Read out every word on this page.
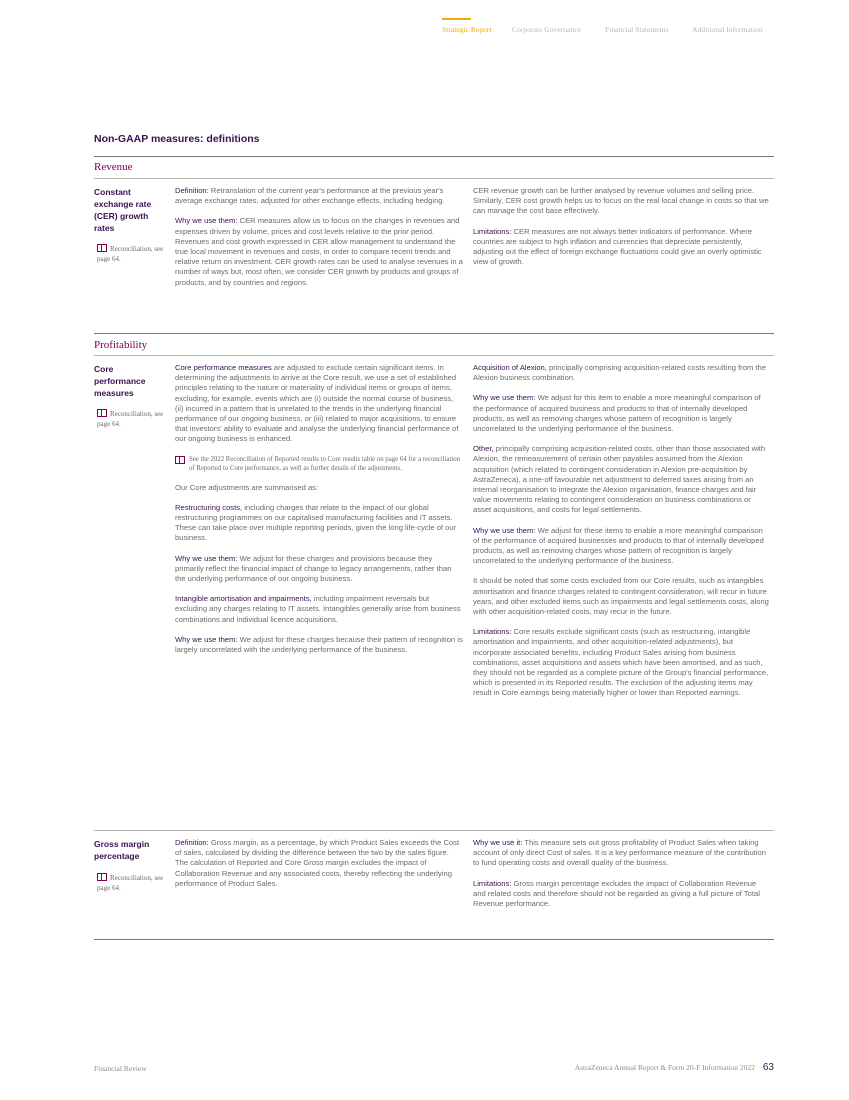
Strategic Report	Corporate Governance	Financial Statements	Additional Information
Non-GAAP measures: definitions
Revenue
Constant exchange rate (CER) growth rates
Reconciliation, see page 64.

Definition: Retranslation of the current year's performance at the previous year's average exchange rates, adjusted for other exchange effects, including hedging.

Why we use them: CER measures allow us to focus on the changes in revenues and expenses driven by volume, prices and cost levels relative to the prior period. Revenues and cost growth expressed in CER allow management to understand the true local movement in revenues and costs, in order to compare recent trends and relative return on investment. CER growth rates can be used to analyse revenues in a number of ways but, most often, we consider CER growth by products and groups of products, and by countries and regions.

CER revenue growth can be further analysed by revenue volumes and selling price. Similarly, CER cost growth helps us to focus on the real local change in costs so that we can manage the cost base effectively.

Limitations: CER measures are not always better indicators of performance. Where countries are subject to high inflation and currencies that depreciate persistently, adjusting out the effect of foreign exchange fluctuations could give an overly optimistic view of growth.

Profitability
Core performance measures
Reconciliation, see page 64.

Core performance measures are adjusted to exclude certain significant items. In determining the adjustments to arrive at the Core result, we use a set of established principles relating to the nature or materiality of individual items or groups of items, excluding, for example, events which are (i) outside the normal course of business, (ii) incurred in a pattern that is unrelated to the trends in the underlying financial performance of our ongoing business, or (iii) related to major acquisitions, to ensure that investors' ability to evaluate and analyse the underlying financial performance of our ongoing business is enhanced.

See the 2022 Reconciliation of Reported results to Core results table on page 64 for a reconciliation of Reported to Core performance, as well as further details of the adjustments.

Our Core adjustments are summarised as:

Restructuring costs, including charges that relate to the impact of our global restructuring programmes on our capitalised manufacturing facilities and IT assets. These can take place over multiple reporting periods, given the long life-cycle of our business.

Why we use them: We adjust for these charges and provisions because they primarily reflect the financial impact of change to legacy arrangements, rather than the underlying performance of our ongoing business.

Intangible amortisation and impairments, including impairment reversals but excluding any charges relating to IT assets. Intangibles generally arise from business combinations and individual licence acquisitions.

Why we use them: We adjust for these charges because their pattern of recognition is largely uncorrelated with the underlying performance of the business.

Acquisition of Alexion, principally comprising acquisition-related costs resulting from the Alexion business combination.

Why we use them: We adjust for this item to enable a more meaningful comparison of the performance of acquired business and products to that of internally developed products, as well as removing charges whose pattern of recognition is largely uncorrelated to the underlying performance of the business.

Other, principally comprising acquisition-related costs, other than those associated with Alexion, the remeasurement of certain other payables assumed from the Alexion acquisition (which related to contingent consideration in Alexion pre-acquisition by AstraZeneca), a one-off favourable net adjustment to deferred taxes arising from an internal reorganisation to integrate the Alexion organisation, finance charges and fair value movements relating to contingent consideration on business combinations or asset acquisitions, and costs for legal settlements.

Why we use them: We adjust for these items to enable a more meaningful comparison of the performance of acquired businesses and products to that of internally developed products, as well as removing charges whose pattern of recognition is largely uncorrelated to the underlying performance of the business.

It should be noted that some costs excluded from our Core results, such as intangibles amortisation and finance charges related to contingent consideration, will recur in future years, and other excluded items such as impairments and legal settlements costs, along with other acquisition-related costs, may recur in the future.

Limitations: Core results exclude significant costs (such as restructuring, intangible amortisation and impairments, and other acquisition-related adjustments), but incorporate associated benefits, including Product Sales arising from business combinations, asset acquisitions and assets which have been amortised, and as such, they should not be regarded as a complete picture of the Group's financial performance, which is presented in its Reported results. The exclusion of the adjusting items may result in Core earnings being materially higher or lower than Reported earnings.

Gross margin percentage
Reconciliation, see page 64.

Definition: Gross margin, as a percentage, by which Product Sales exceeds the Cost of sales, calculated by dividing the difference between the two by the sales figure. The calculation of Reported and Core Gross margin excludes the impact of Collaboration Revenue and any associated costs, thereby reflecting the underlying performance of Product Sales.

Why we use it: This measure sets out gross profitability of Product Sales when taking account of only direct Cost of sales. It is a key performance measure of the contribution to fund operating costs and overall quality of the business.

Limitations: Gross margin percentage excludes the impact of Collaboration Revenue and related costs and therefore should not be regarded as giving a full picture of Total Revenue performance.

Financial Review	AstraZeneca Annual Report & Form 20-F Information 2022 63
